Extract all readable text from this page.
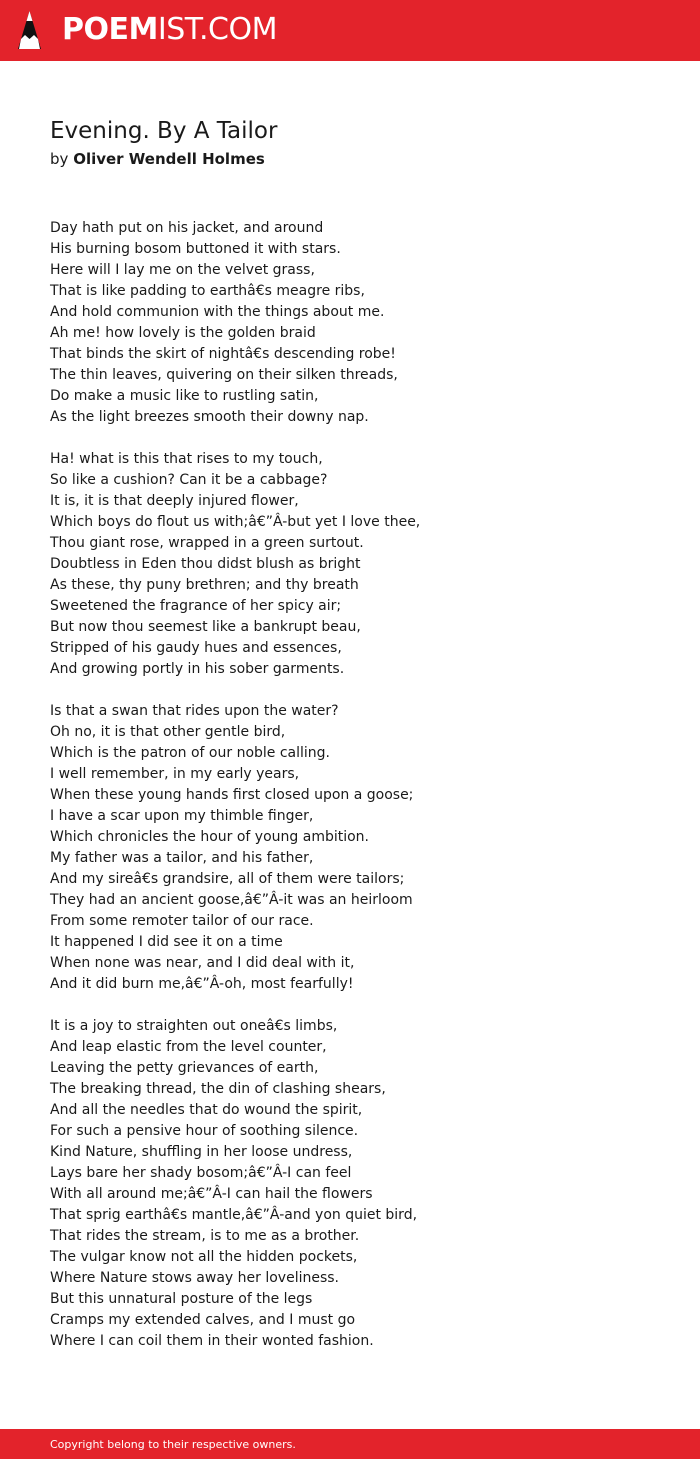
POEMIST.COM
Evening. By A Tailor
by Oliver Wendell Holmes
Day hath put on his jacket, and around
His burning bosom buttoned it with stars.
Here will I lay me on the velvet grass,
That is like padding to earthâ€s meagre ribs,
And hold communion with the things about me.
Ah me! how lovely is the golden braid
That binds the skirt of nightâ€s descending robe!
The thin leaves, quivering on their silken threads,
Do make a music like to rustling satin,
As the light breezes smooth their downy nap.
Ha! what is this that rises to my touch,
So like a cushion? Can it be a cabbage?
It is, it is that deeply injured flower,
Which boys do flout us with;â€”Â-but yet I love thee,
Thou giant rose, wrapped in a green surtout.
Doubtless in Eden thou didst blush as bright
As these, thy puny brethren; and thy breath
Sweetened the fragrance of her spicy air;
But now thou seemest like a bankrupt beau,
Stripped of his gaudy hues and essences,
And growing portly in his sober garments.
Is that a swan that rides upon the water?
Oh no, it is that other gentle bird,
Which is the patron of our noble calling.
I well remember, in my early years,
When these young hands first closed upon a goose;
I have a scar upon my thimble finger,
Which chronicles the hour of young ambition.
My father was a tailor, and his father,
And my sireâ€s grandsire, all of them were tailors;
They had an ancient goose,â€”Â-it was an heirloom
From some remoter tailor of our race.
It happened I did see it on a time
When none was near, and I did deal with it,
And it did burn me,â€”Â-oh, most fearfully!
It is a joy to straighten out oneâ€s limbs,
And leap elastic from the level counter,
Leaving the petty grievances of earth,
The breaking thread, the din of clashing shears,
And all the needles that do wound the spirit,
For such a pensive hour of soothing silence.
Kind Nature, shuffling in her loose undress,
Lays bare her shady bosom;â€”Â-I can feel
With all around me;â€”Â-I can hail the flowers
That sprig earthâ€s mantle,â€”Â-and yon quiet bird,
That rides the stream, is to me as a brother.
The vulgar know not all the hidden pockets,
Where Nature stows away her loveliness.
But this unnatural posture of the legs
Cramps my extended calves, and I must go
Where I can coil them in their wonted fashion.
Copyright belong to their respective owners.
